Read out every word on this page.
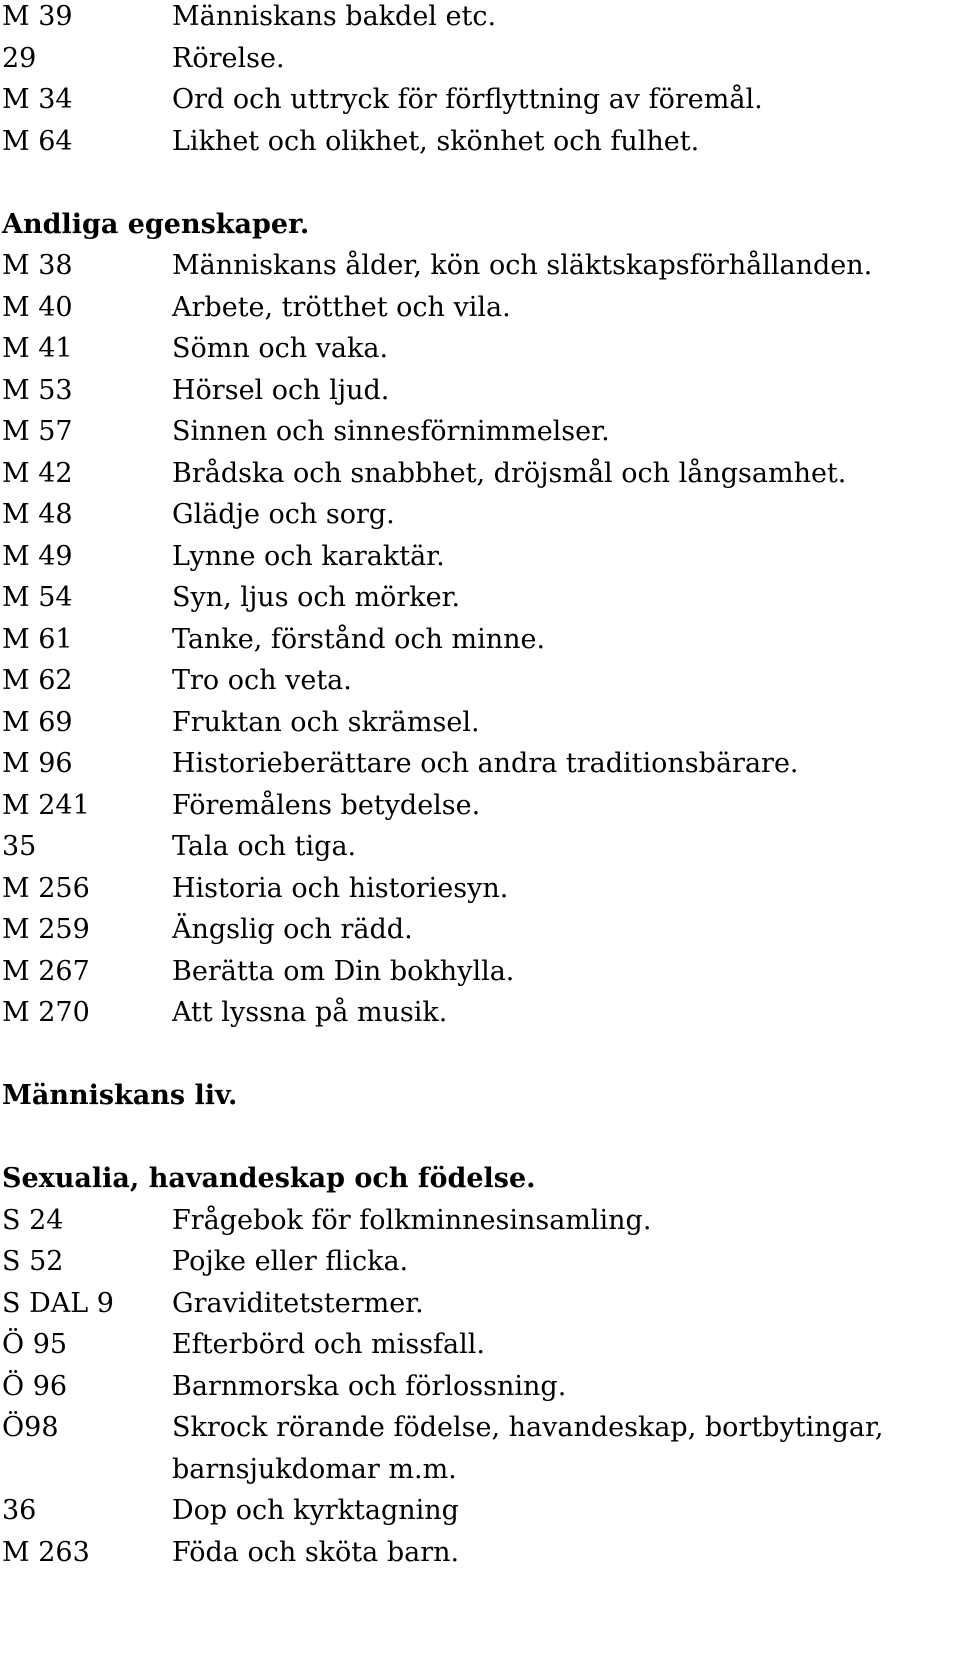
M 39	Människans bakdel etc.
29	Rörelse.
M 34	Ord och uttryck för förflyttning av föremål.
M 64	Likhet och olikhet, skönhet och fulhet.
Andliga egenskaper.
M 38	Människans ålder, kön och släktskapsförhållanden.
M 40	Arbete, trötthet och vila.
M 41	Sömn och vaka.
M 53	Hörsel och ljud.
M 57	Sinnen och sinnesförnimmelser.
M 42	Brådska och snabbhet, dröjsmål och långsamhet.
M 48	Glädje och sorg.
M 49	Lynne och karaktär.
M 54	Syn, ljus och mörker.
M 61	Tanke, förstånd och minne.
M 62	Tro och veta.
M 69	Fruktan och skrämsel.
M 96	Historieberättare och andra traditionsbärare.
M 241	Föremålens betydelse.
35	Tala och tiga.
M 256	Historia och historiesyn.
M 259	Ängslig och rädd.
M 267	Berätta om Din bokhylla.
M 270	Att lyssna på musik.
Människans liv.
Sexualia, havandeskap och födelse.
S 24	Frågebok för folkminnesinsamling.
S 52	Pojke eller flicka.
S DAL 9	Graviditetstermer.
Ö 95	Efterbörd och missfall.
Ö 96	Barnmorska och förlossning.
Ö98	Skrock rörande födelse, havandeskap, bortbytingar,
barnsjukdomar m.m.
36	Dop och kyrktagning
M 263	Föda och sköta barn.
